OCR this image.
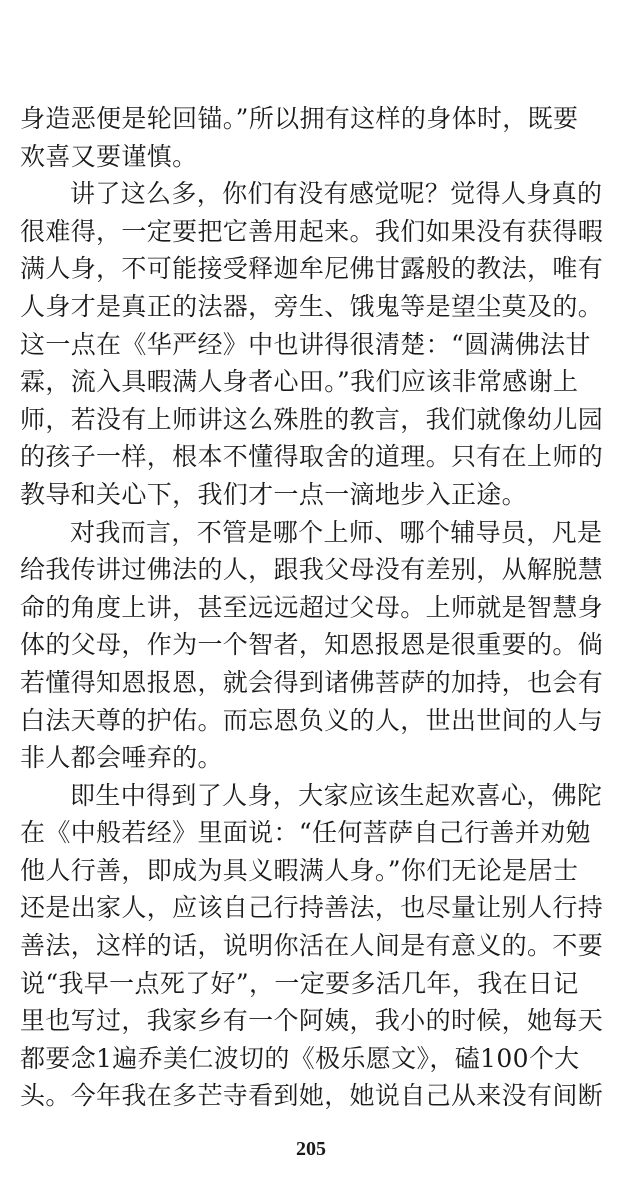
身造恶便是轮回锚。”所以拥有这样的身体时，既要
欢喜又要谨慎。
讲了这么多，你们有没有感觉呢？觉得人身真的
很难得，一定要把它善用起来。我们如果没有获得暇
满人身，不可能接受释迦牟尼佛甘露般的教法，唯有
人身才是真正的法器，旁生、饿鬼等是望尘莫及的。
这一点在《华严经》中也讲得很清楚：“圆满佛法甘
霖，流入具暇满人身者心田。”我们应该非常感谢上
师，若没有上师讲这么殊胜的教言，我们就像幼儿园
的孩子一样，根本不懂得取舍的道理。只有在上师的
教导和关心下，我们才一点一滴地步入正途。
对我而言，不管是哪个上师、哪个辅导员，凡是
给我传讲过佛法的人，跟我父母没有差别，从解脱慧
命的角度上讲，甚至远远超过父母。上师就是智慧身
体的父母，作为一个智者，知恩报恩是很重要的。倘
若懂得知恩报恩，就会得到诸佛菩萨的加持，也会有
白法天尊的护佑。而忘恩负义的人，世出世间的人与
非人都会唾弃的。
即生中得到了人身，大家应该生起欢喜心，佛陀
在《中般若经》里面说：“任何菩萨自己行善并劝勉
他人行善，即成为具义暇满人身。”你们无论是居士
还是出家人，应该自己行持善法，也尽量让别人行持
善法，这样的话，说明你活在人间是有意义的。不要
说“我早一点死了好”，一定要多活几年，我在日记
里也写过，我家乡有一个阿姨，我小的时候，她每天
都要念1遍乔美仁波切的《极乐愿文》，磕100个大
头。今年我在多芒寺看到她，她说自己从来没有间断
205
